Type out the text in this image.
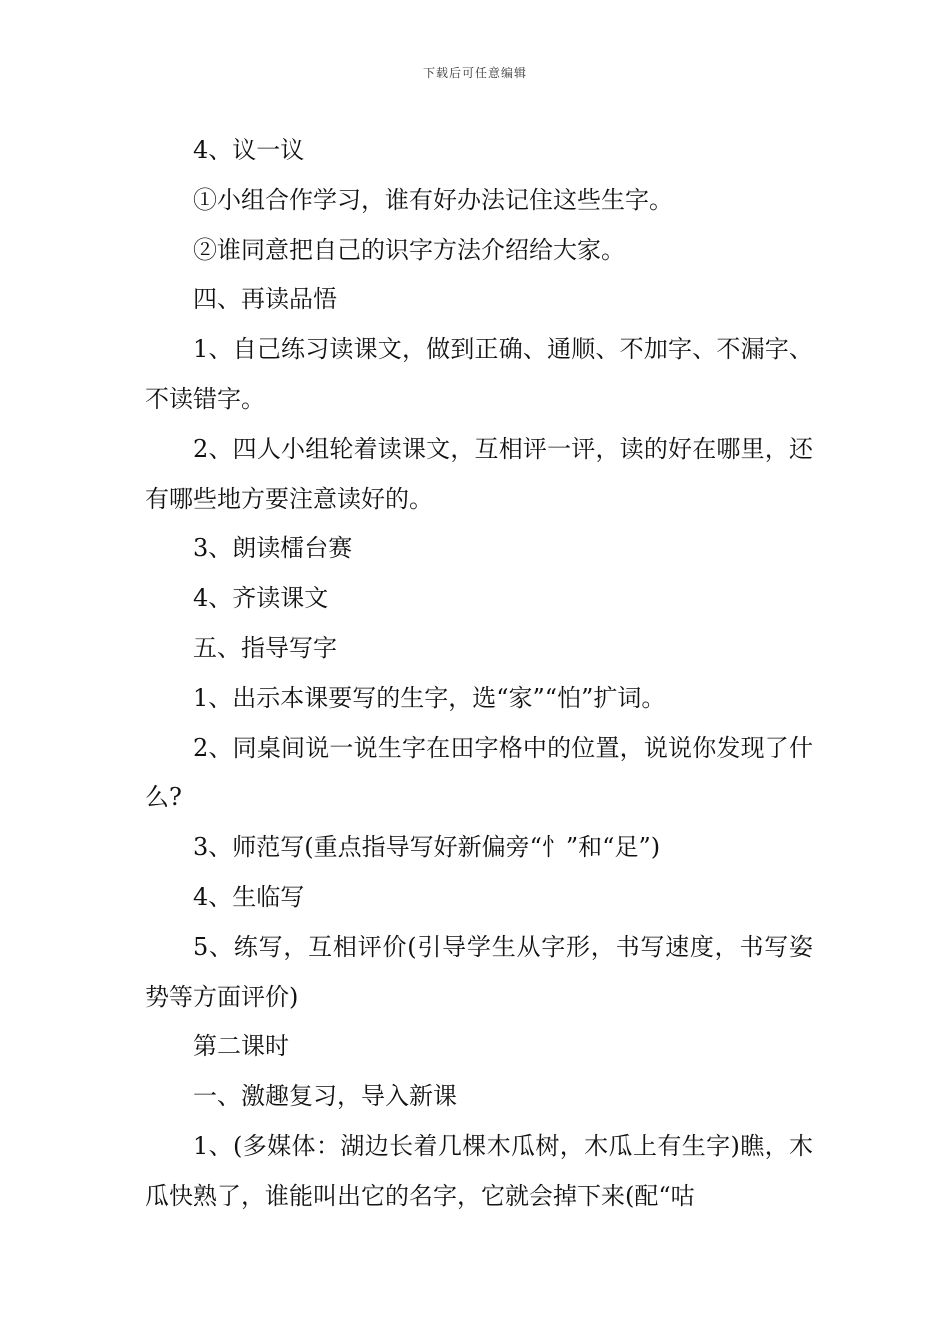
下载后可任意编辑

4、议一议

①小组合作学习，谁有好办法记住这些生字。

②谁同意把自己的识字方法介绍给大家。

四、再读品悟

1、自己练习读课文，做到正确、通顺、不加字、不漏字、不读错字。

2、四人小组轮着读课文，互相评一评，读的好在哪里，还有哪些地方要注意读好的。

3、朗读檑台赛

4、齐读课文

五、指导写字

1、出示本课要写的生字，选“家”“怕”扩词。

2、同桌间说一说生字在田字格中的位置，说说你发现了什么?

3、师范写(重点指导写好新偏旁“忄”和“足”)

4、生临写

5、练写，互相评价(引导学生从字形，书写速度，书写姿势等方面评价)

第二课时

一、激趣复习，导入新课

1、(多媒体：湖边长着几棵木瓜树，木瓜上有生字)瞧，木瓜快熟了，谁能叫出它的名字，它就会掉下来(配“咕
